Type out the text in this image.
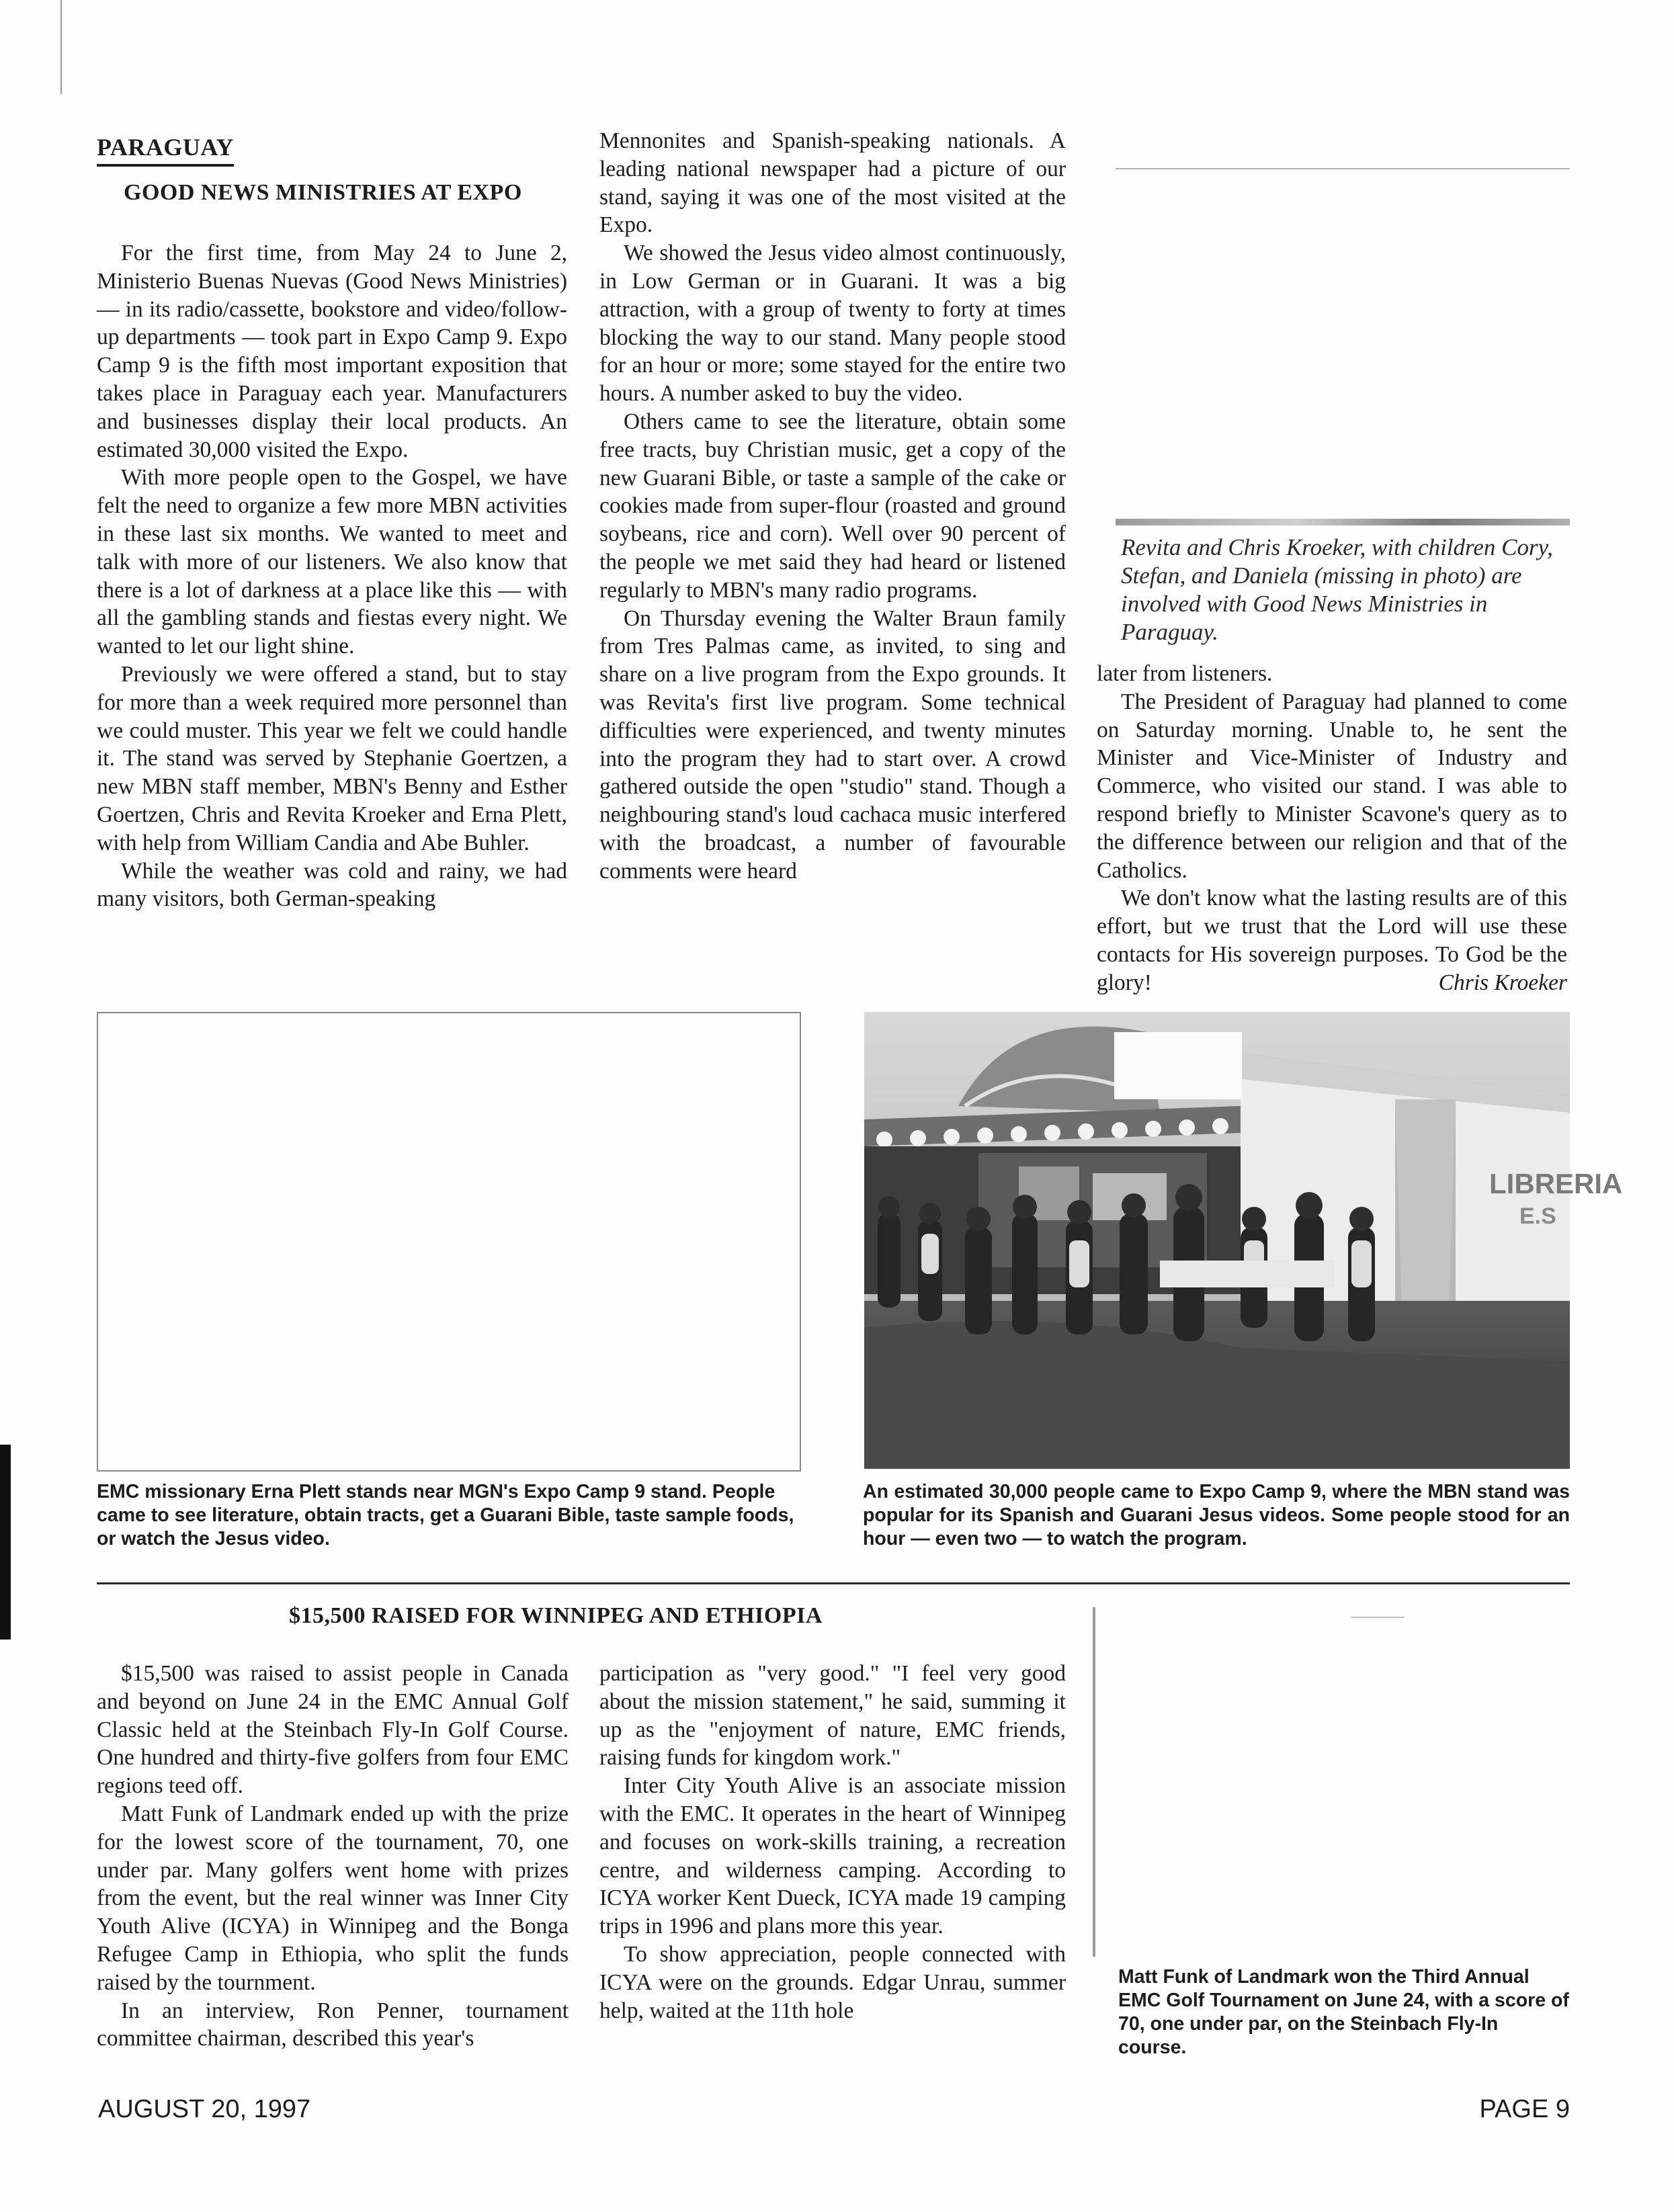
PARAGUAY
GOOD NEWS MINISTRIES AT EXPO

For the first time, from May 24 to June 2, Ministerio Buenas Nuevas (Good News Ministries) — in its radio/cassette, bookstore and video/follow-up departments — took part in Expo Camp 9. Expo Camp 9 is the fifth most important exposition that takes place in Paraguay each year. Manufacturers and businesses display their local products. An estimated 30,000 visited the Expo.

With more people open to the Gospel, we have felt the need to organize a few more MBN activities in these last six months. We wanted to meet and talk with more of our listeners. We also know that there is a lot of darkness at a place like this — with all the gambling stands and fiestas every night. We wanted to let our light shine.

Previously we were offered a stand, but to stay for more than a week required more personnel than we could muster. This year we felt we could handle it. The stand was served by Stephanie Goertzen, a new MBN staff member, MBN's Benny and Esther Goertzen, Chris and Revita Kroeker and Erna Plett, with help from William Candia and Abe Buhler.

While the weather was cold and rainy, we had many visitors, both German-speaking

Mennonites and Spanish-speaking nationals. A leading national newspaper had a picture of our stand, saying it was one of the most visited at the Expo.

We showed the Jesus video almost continuously, in Low German or in Guarani. It was a big attraction, with a group of twenty to forty at times blocking the way to our stand. Many people stood for an hour or more; some stayed for the entire two hours. A number asked to buy the video.

Others came to see the literature, obtain some free tracts, buy Christian music, get a copy of the new Guarani Bible, or taste a sample of the cake or cookies made from super-flour (roasted and ground soybeans, rice and corn). Well over 90 percent of the people we met said they had heard or listened regularly to MBN's many radio programs.

On Thursday evening the Walter Braun family from Tres Palmas came, as invited, to sing and share on a live program from the Expo grounds. It was Revita's first live program. Some technical difficulties were experienced, and twenty minutes into the program they had to start over. A crowd gathered outside the open "studio" stand. Though a neighbouring stand's loud cachaca music interfered with the broadcast, a number of favourable comments were heard

Revita and Chris Kroeker, with children Cory, Stefan, and Daniela (missing in photo) are involved with Good News Ministries in Paraguay.

later from listeners.

The President of Paraguay had planned to come on Saturday morning. Unable to, he sent the Minister and Vice-Minister of Industry and Commerce, who visited our stand. I was able to respond briefly to Minister Scavone's query as to the difference between our religion and that of the Catholics.

We don't know what the lasting results are of this effort, but we trust that the Lord will use these contacts for His sovereign purposes. To God be the glory!	Chris Kroeker

LIBRERIA
E.S
EMC missionary Erna Plett stands near MGN's Expo Camp 9 stand. People came to see literature, obtain tracts, get a Guarani Bible, taste sample foods, or watch the Jesus video.
An estimated 30,000 people came to Expo Camp 9, where the MBN stand was popular for its Spanish and Guarani Jesus videos. Some people stood for an hour — even two — to watch the program.
$15,500 RAISED FOR WINNIPEG AND ETHIOPIA

$15,500 was raised to assist people in Canada and beyond on June 24 in the EMC Annual Golf Classic held at the Steinbach Fly-In Golf Course. One hundred and thirty-five golfers from four EMC regions teed off.

Matt Funk of Landmark ended up with the prize for the lowest score of the tournament, 70, one under par. Many golfers went home with prizes from the event, but the real winner was Inner City Youth Alive (ICYA) in Winnipeg and the Bonga Refugee Camp in Ethiopia, who split the funds raised by the tournment.

In an interview, Ron Penner, tournament committee chairman, described this year's

participation as "very good." "I feel very good about the mission statement," he said, summing it up as the "enjoyment of nature, EMC friends, raising funds for kingdom work."

Inter City Youth Alive is an associate mission with the EMC. It operates in the heart of Winnipeg and focuses on work-skills training, a recreation centre, and wilderness camping. According to ICYA worker Kent Dueck, ICYA made 19 camping trips in 1996 and plans more this year.

To show appreciation, people connected with ICYA were on the grounds. Edgar Unrau, summer help, waited at the 11th hole

Matt Funk of Landmark won the Third Annual EMC Golf Tournament on June 24, with a score of 70, one under par, on the Steinbach Fly-In course.
AUGUST 20, 1997	PAGE 9
